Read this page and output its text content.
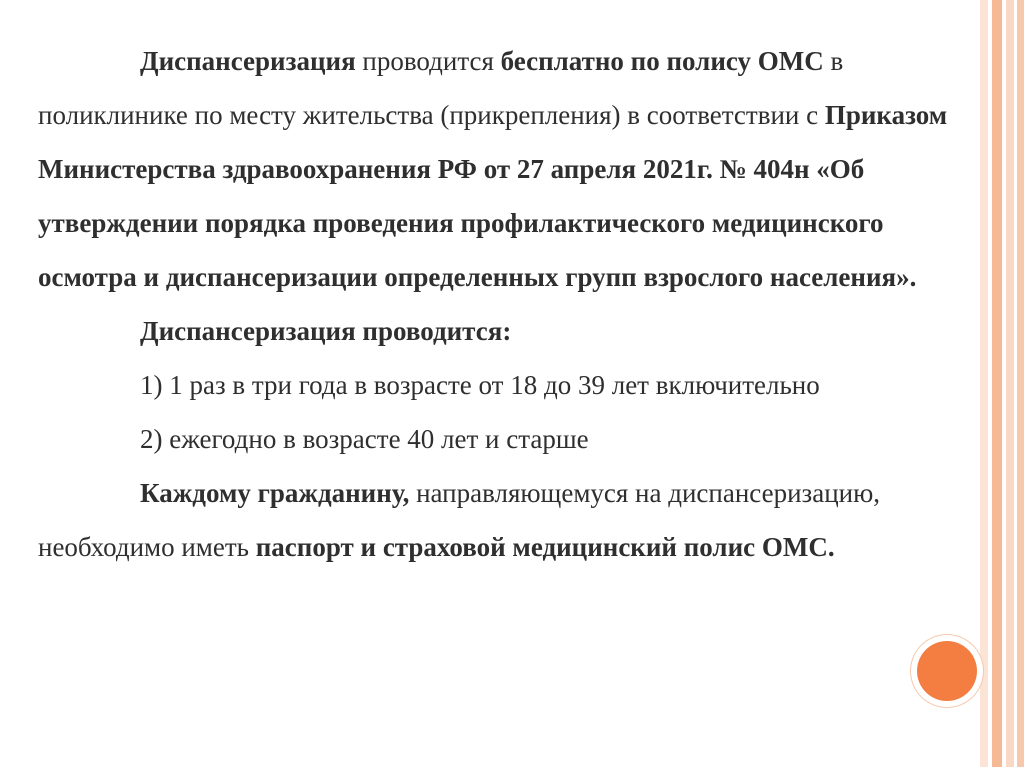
Диспансеризация проводится бесплатно по полису ОМС в поликлинике по месту жительства (прикрепления) в соответствии с Приказом Министерства здравоохранения РФ от 27 апреля 2021г. № 404н «Об утверждении порядка проведения профилактического медицинского осмотра и диспансеризации определенных групп взрослого населения».

Диспансеризация проводится:

1) 1 раз в три года в возрасте от 18 до 39 лет включительно

2) ежегодно в возрасте 40 лет и старше

Каждому гражданину, направляющемуся на диспансеризацию, необходимо иметь паспорт и страховой медицинский полис ОМС.
